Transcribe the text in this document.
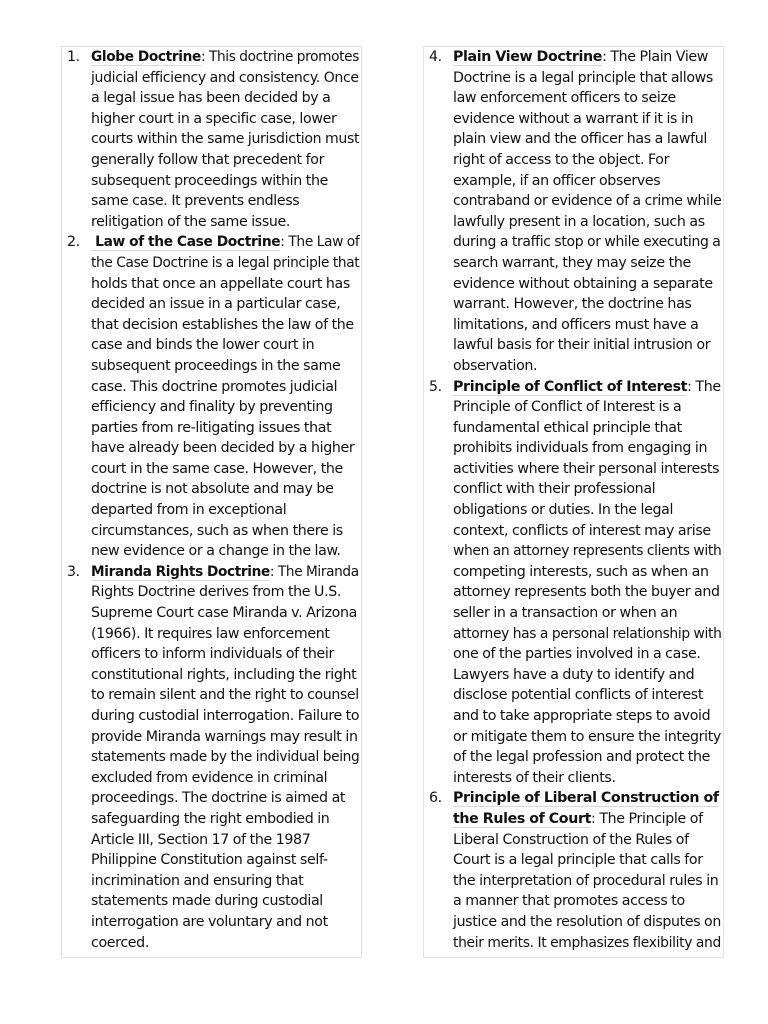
1. Globe Doctrine: This doctrine promotes
judicial efficiency and consistency. Once
a legal issue has been decided by a
higher court in a specific case, lower
courts within the same jurisdiction must
generally follow that precedent for
subsequent proceedings within the
same case. It prevents endless
relitigation of the same issue.
2. Law of the Case Doctrine: The Law of
the Case Doctrine is a legal principle that
holds that once an appellate court has
decided an issue in a particular case,
that decision establishes the law of the
case and binds the lower court in
subsequent proceedings in the same
case. This doctrine promotes judicial
efficiency and finality by preventing
parties from re-litigating issues that
have already been decided by a higher
court in the same case. However, the
doctrine is not absolute and may be
departed from in exceptional
circumstances, such as when there is
new evidence or a change in the law.
3. Miranda Rights Doctrine: The Miranda
Rights Doctrine derives from the U.S.
Supreme Court case Miranda v. Arizona
(1966). It requires law enforcement
officers to inform individuals of their
constitutional rights, including the right
to remain silent and the right to counsel
during custodial interrogation. Failure to
provide Miranda warnings may result in
statements made by the individual being
excluded from evidence in criminal
proceedings. The doctrine is aimed at
safeguarding the right embodied in
Article III, Section 17 of the 1987
Philippine Constitution against self-
incrimination and ensuring that
statements made during custodial
interrogation are voluntary and not
coerced.
4. Plain View Doctrine: The Plain View
Doctrine is a legal principle that allows
law enforcement officers to seize
evidence without a warrant if it is in
plain view and the officer has a lawful
right of access to the object. For
example, if an officer observes
contraband or evidence of a crime while
lawfully present in a location, such as
during a traffic stop or while executing a
search warrant, they may seize the
evidence without obtaining a separate
warrant. However, the doctrine has
limitations, and officers must have a
lawful basis for their initial intrusion or
observation.
5. Principle of Conflict of Interest: The
Principle of Conflict of Interest is a
fundamental ethical principle that
prohibits individuals from engaging in
activities where their personal interests
conflict with their professional
obligations or duties. In the legal
context, conflicts of interest may arise
when an attorney represents clients with
competing interests, such as when an
attorney represents both the buyer and
seller in a transaction or when an
attorney has a personal relationship with
one of the parties involved in a case.
Lawyers have a duty to identify and
disclose potential conflicts of interest
and to take appropriate steps to avoid
or mitigate them to ensure the integrity
of the legal profession and protect the
interests of their clients.
6. Principle of Liberal Construction of
the Rules of Court: The Principle of
Liberal Construction of the Rules of
Court is a legal principle that calls for
the interpretation of procedural rules in
a manner that promotes access to
justice and the resolution of disputes on
their merits. It emphasizes flexibility and
